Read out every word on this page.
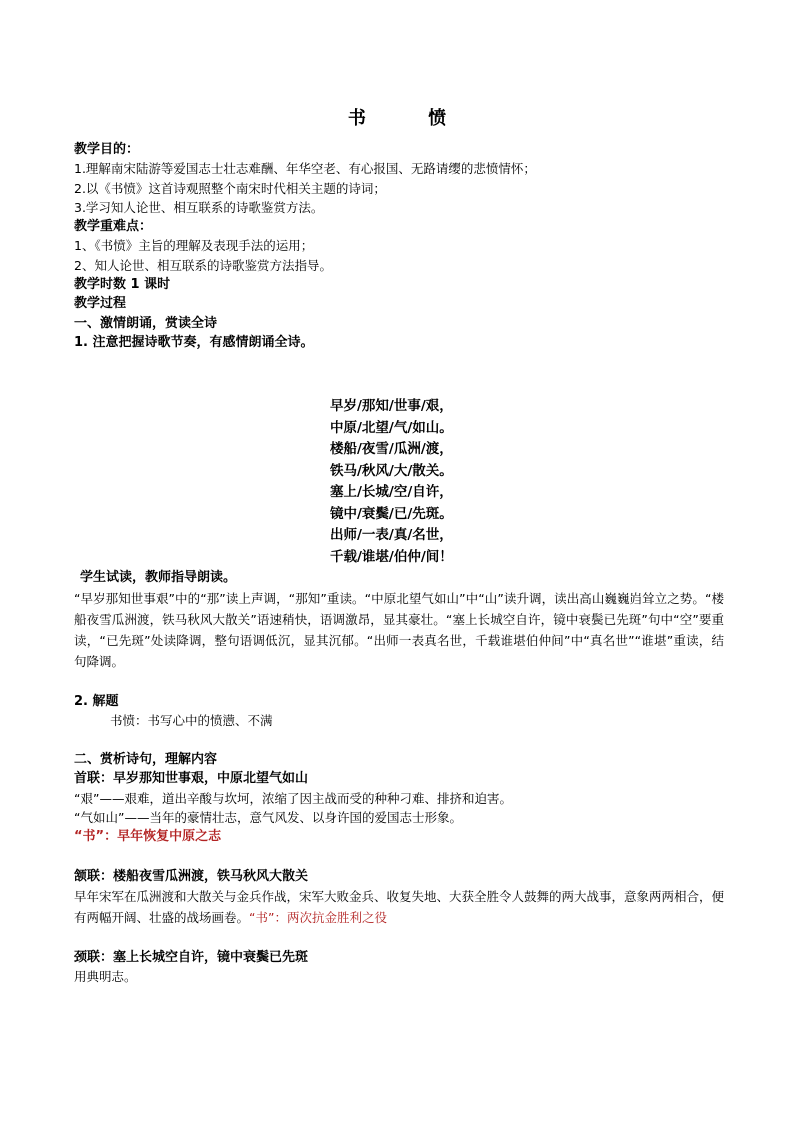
书 愤
教学目的：
1.理解南宋陆游等爱国志士壮志难酬、年华空老、有心报国、无路请缨的悲愤情怀；
2.以《书愤》这首诗观照整个南宋时代相关主题的诗词；
3.学习知人论世、相互联系的诗歌鉴赏方法。
教学重难点：
1、《书愤》主旨的理解及表现手法的运用；
2、知人论世、相互联系的诗歌鉴赏方法指导。
教学时数 1 课时
教学过程
一、激情朗诵，赏读全诗
1. 注意把握诗歌节奏，有感情朗诵全诗。
早岁/那知/世事/艰，
中原/北望/气/如山。
楼船/夜雪/瓜洲/渡，
铁马/秋风/大/散关。
塞上/长城/空/自许，
镜中/衰鬓/已/先斑。
出师/一表/真/名世，
千载/谁堪/伯仲/间！
学生试读，教师指导朗读。
“早岁那知世事艰”中的“那”读上声调，“那知”重读。“中原北望气如山”中“山”读升调，读出高山巍巍岿耸立之势。“楼船夜雪瓜洲渡，铁马秋风大散关”语速稍快，语调激昂，显其豪壮。“塞上长城空自许，镜中衰鬓已先斑”句中“空”要重读，“已先斑”处读降调，整句语调低沉，显其沉郁。“出师一表真名世，千载谁堪伯仲间”中“真名世”“谁堪”重读，结句降调。
2. 解题
书愤：书写心中的愤懑、不满
二、赏析诗句，理解内容
首联：早岁那知世事艰，中原北望气如山
“艰”——艰难，道出辛酸与坎坷，浓缩了因主战而受的种种刁难、排挤和迫害。
“气如山”——当年的豪情壮志，意气风发、以身许国的爱国志士形象。
“书”：早年恢复中原之志
颔联：楼船夜雪瓜洲渡，铁马秋风大散关
早年宋军在瓜洲渡和大散关与金兵作战，宋军大败金兵、收复失地、大获全胜令人鼓舞的两大战事，意象两两相合，便有两幅开阔、壮盛的战场画卷。“书”：两次抗金胜利之役
颈联：塞上长城空自许，镜中衰鬓已先斑
用典明志。
